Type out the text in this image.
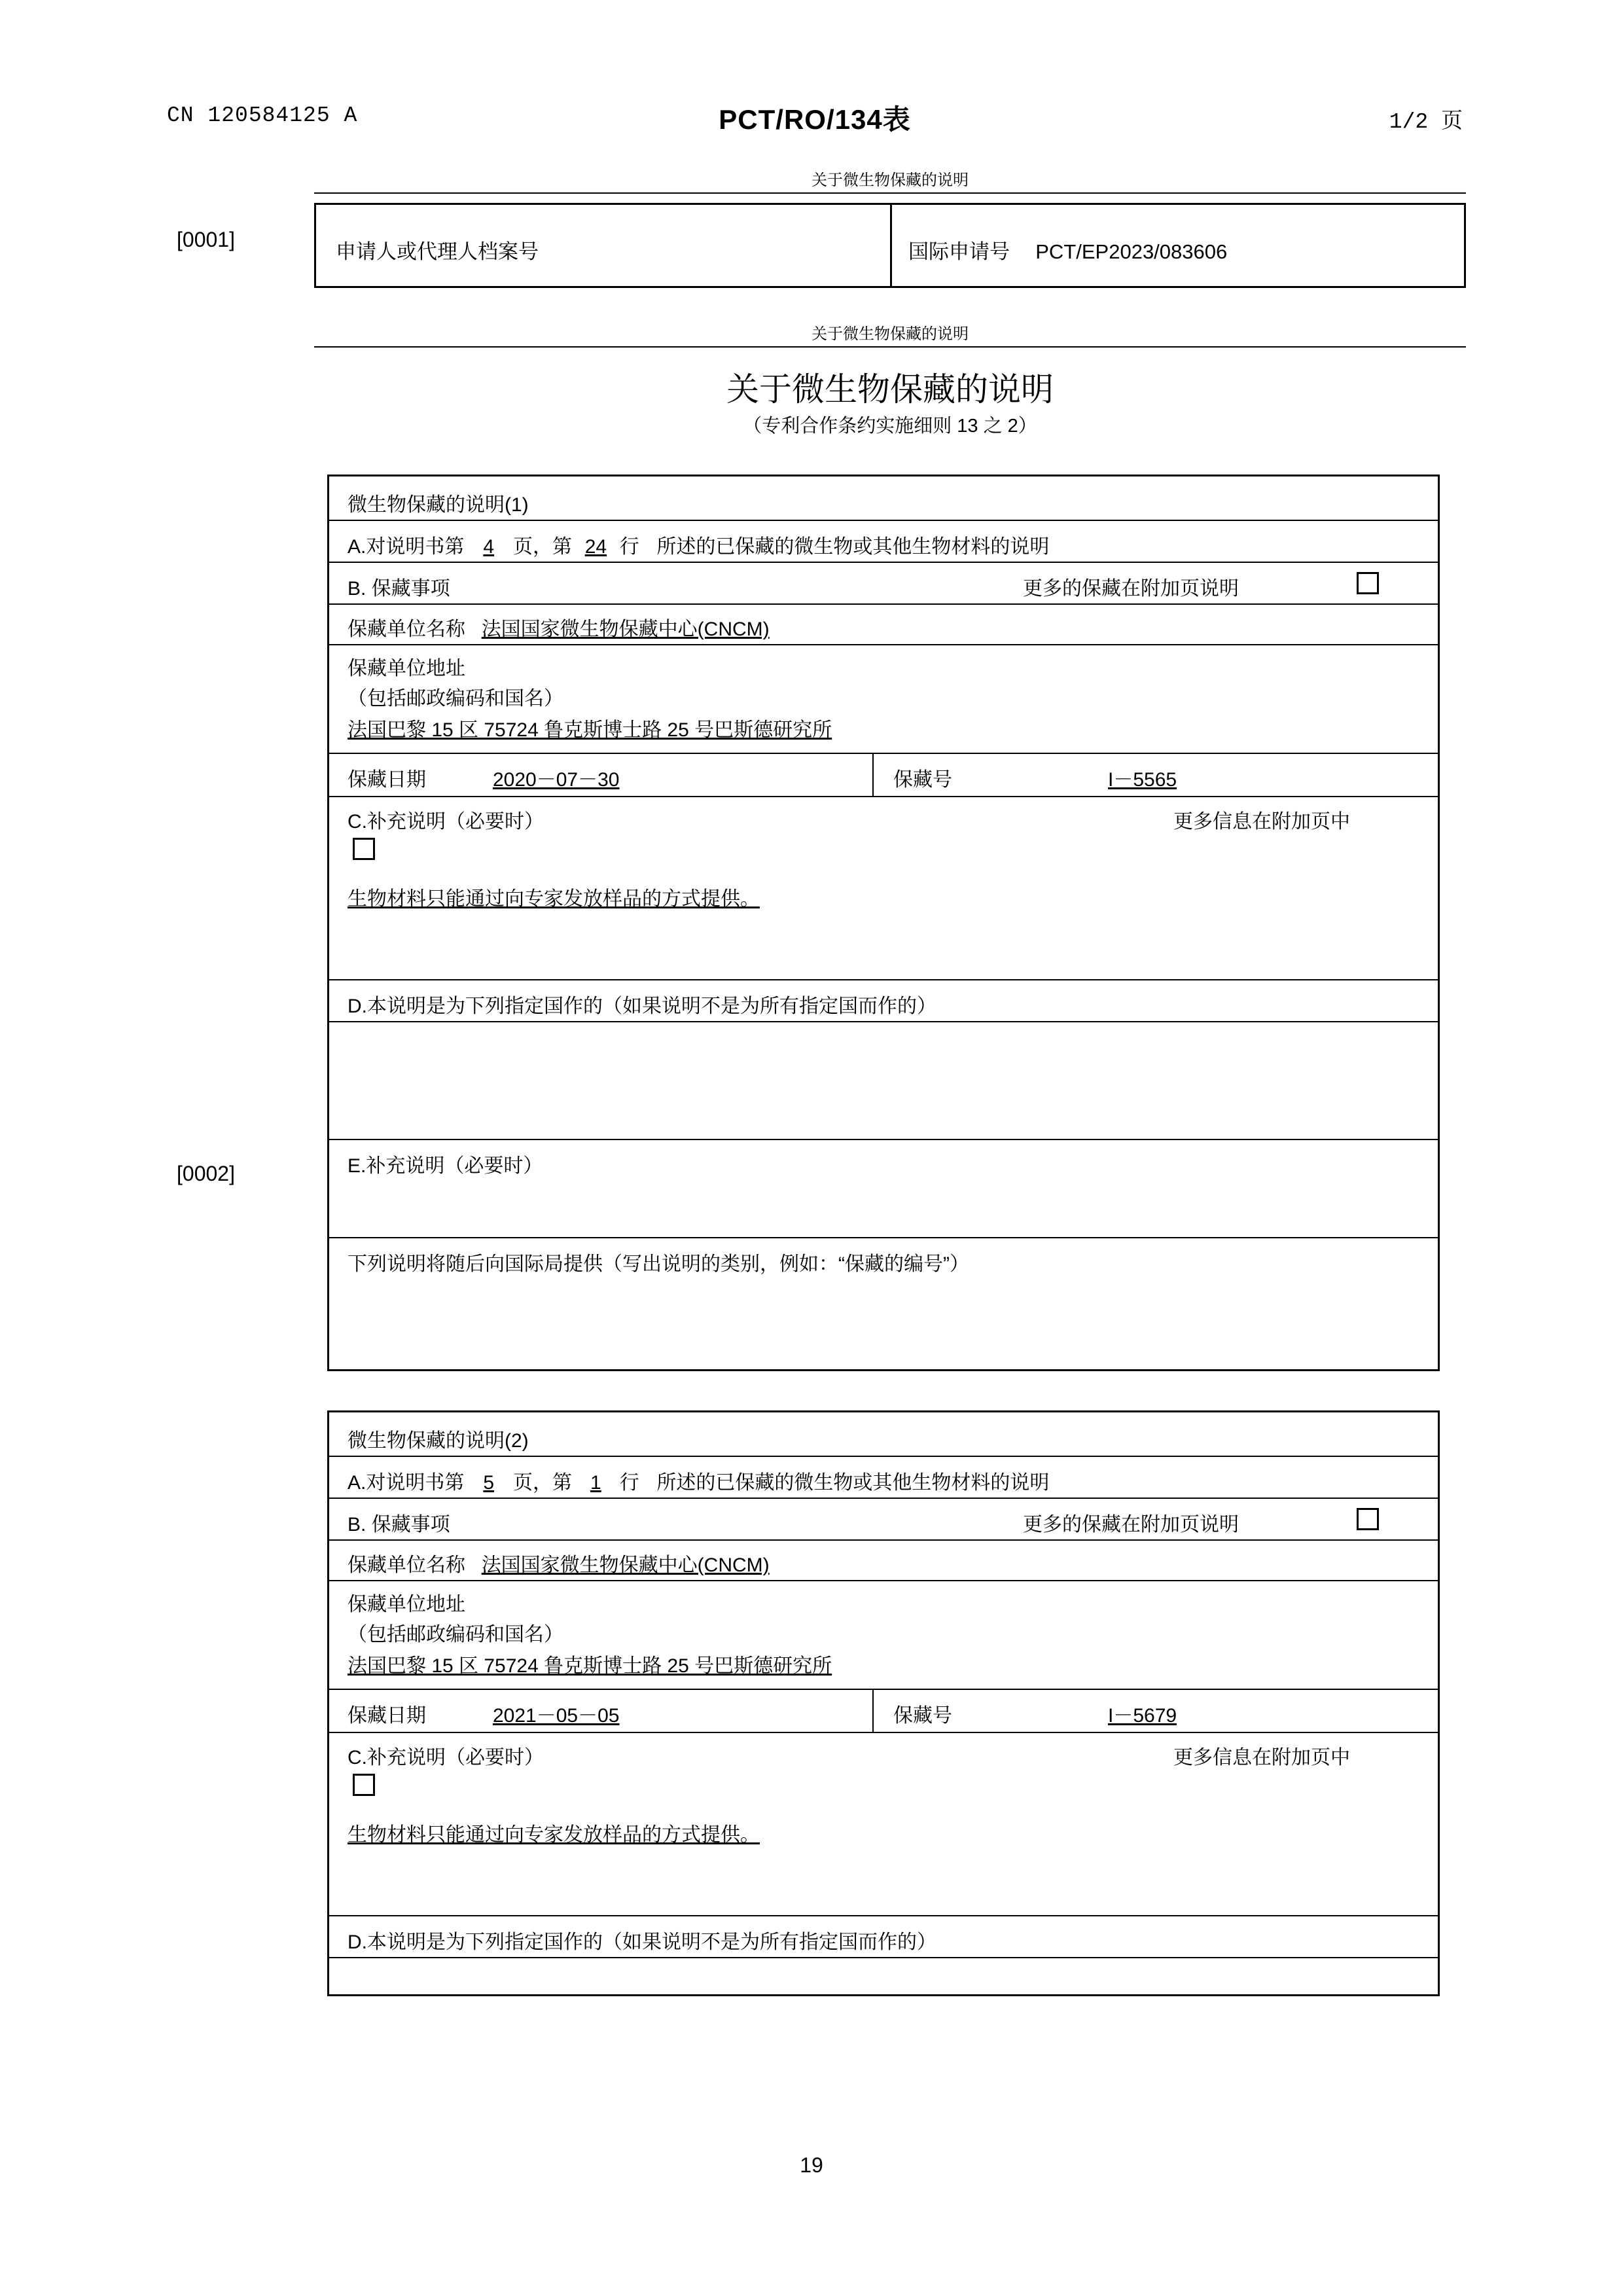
CN 120584125 A	PCT/RO/134表	1/2 页
关于微生物保藏的说明
[0001]
申请人或代理人档案号	国际申请号 PCT/EP2023/083606
关于微生物保藏的说明
关于微生物保藏的说明
（专利合作条约实施细则 13 之 2）
微生物保藏的说明(1)
A.对说明书第 4 页，第 24 行 所述的已保藏的微生物或其他生物材料的说明
B. 保藏事项	更多的保藏在附加页说明
保藏单位名称 法国国家微生物保藏中心(CNCM)
保藏单位地址
（包括邮政编码和国名）
法国巴黎 15 区 75724 鲁克斯博士路 25 号巴斯德研究所
保藏日期	2020－07－30	保藏号	I－5565
C.补充说明（必要时）	更多信息在附加页中
生物材料只能通过向专家发放样品的方式提供。
D.本说明是为下列指定国作的（如果说明不是为所有指定国而作的）
E.补充说明（必要时）
下列说明将随后向国际局提供（写出说明的类别，例如：“保藏的编号”）
[0002]
微生物保藏的说明(2)
A.对说明书第 5 页，第 1 行 所述的已保藏的微生物或其他生物材料的说明
B. 保藏事项	更多的保藏在附加页说明
保藏单位名称 法国国家微生物保藏中心(CNCM)
保藏单位地址
（包括邮政编码和国名）
法国巴黎 15 区 75724 鲁克斯博士路 25 号巴斯德研究所
保藏日期	2021－05－05	保藏号	I－5679
C.补充说明（必要时）	更多信息在附加页中
生物材料只能通过向专家发放样品的方式提供。
D.本说明是为下列指定国作的（如果说明不是为所有指定国而作的）
19
